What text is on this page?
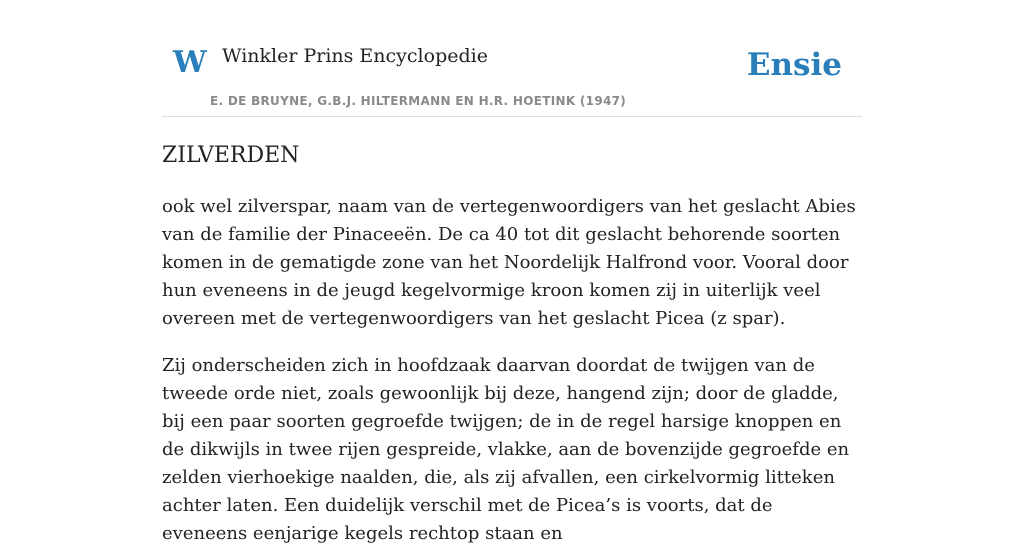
W Winkler Prins Encyclopedie
E. DE BRUYNE, G.B.J. HILTERMANN EN H.R. HOETINK (1947)
Ensie
ZILVERDEN

ook wel zilverspar, naam van de vertegenwoordigers van het geslacht Abies van de familie der Pinaceeën. De ca 40 tot dit geslacht behorende soorten komen in de gematigde zone van het Noordelijk Halfrond voor. Vooral door hun eveneens in de jeugd kegelvormige kroon komen zij in uiterlijk veel overeen met de vertegenwoordigers van het geslacht Picea (z spar).

Zij onderscheiden zich in hoofdzaak daarvan doordat de twijgen van de tweede orde niet, zoals gewoonlijk bij deze, hangend zijn; door de gladde, bij een paar soorten gegroefde twijgen; de in de regel harsige knoppen en de dikwijls in twee rijen gespreide, vlakke, aan de bovenzijde gegroefde en zelden vierhoekige naalden, die, als zij afvallen, een cirkelvormig litteken achter laten. Een duidelijk verschil met de Picea’s is voorts, dat de eveneens eenjarige kegels rechtop staan en
